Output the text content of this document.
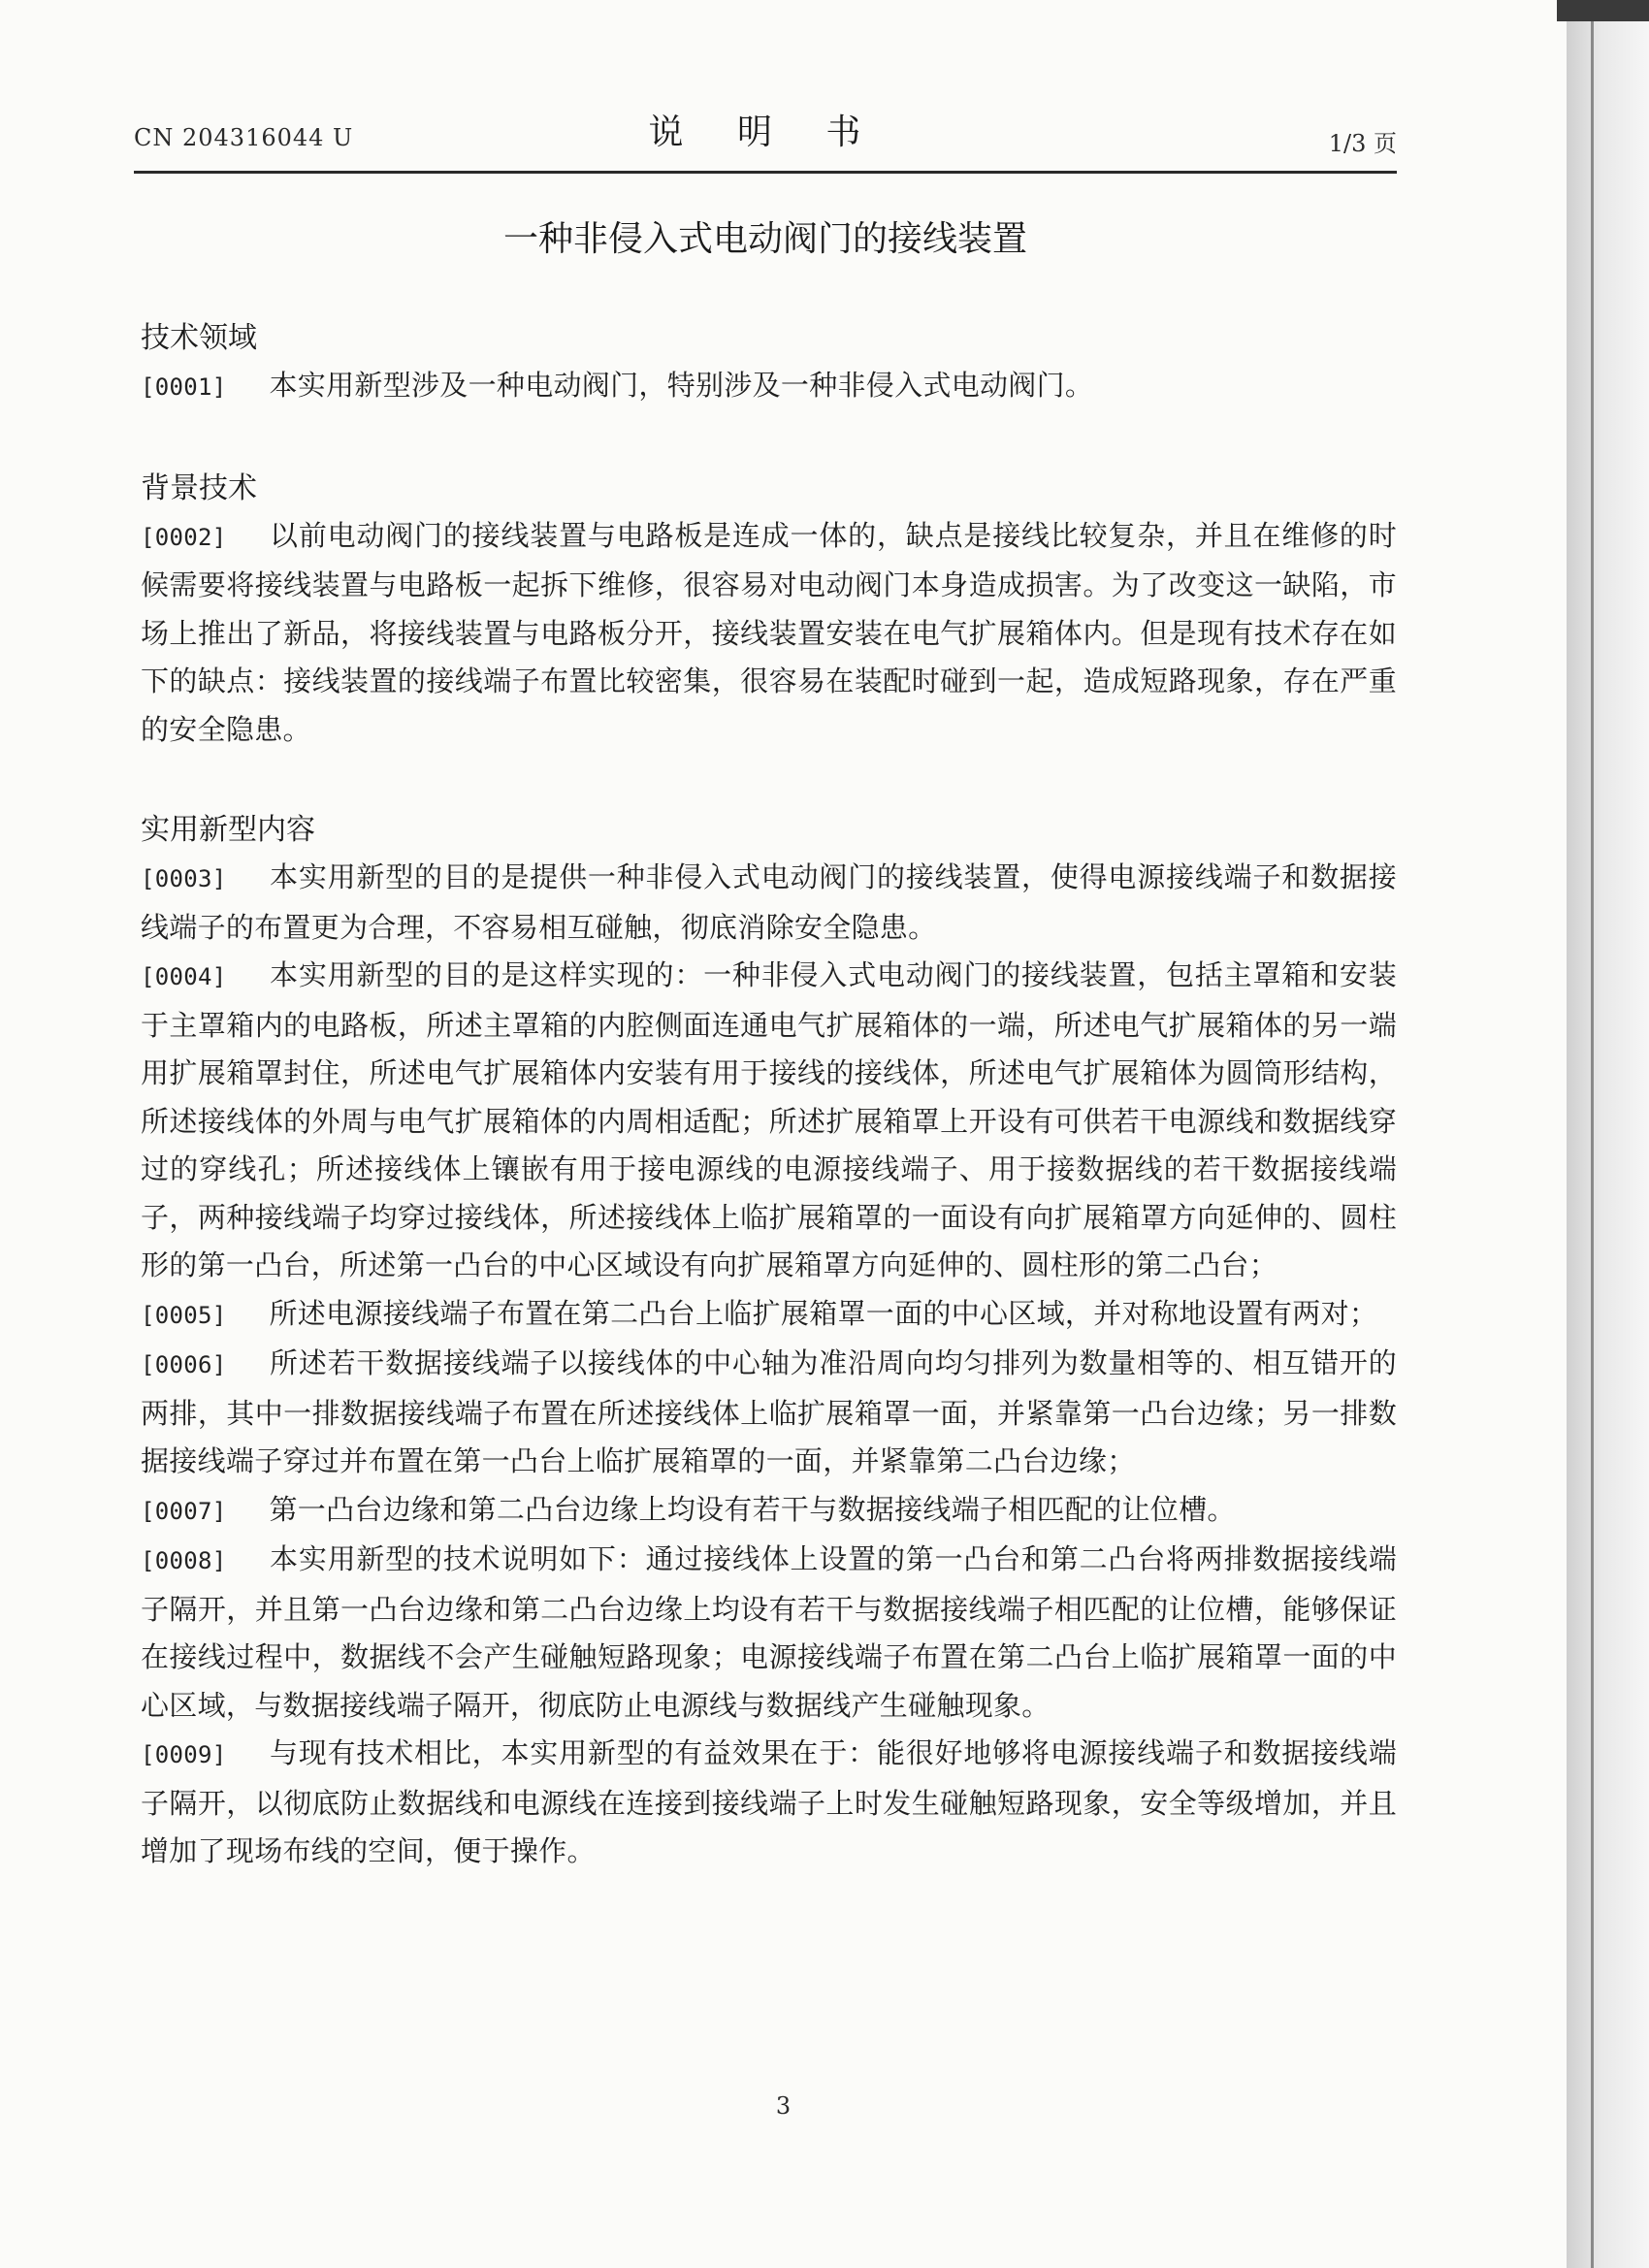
CN 204316044 U	说 明 书	1/3 页
一种非侵入式电动阀门的接线装置
技术领域
[0001] 本实用新型涉及一种电动阀门，特别涉及一种非侵入式电动阀门。
背景技术
[0002] 以前电动阀门的接线装置与电路板是连成一体的，缺点是接线比较复杂，并且在维修的时候需要将接线装置与电路板一起拆下维修，很容易对电动阀门本身造成损害。为了改变这一缺陷，市场上推出了新品，将接线装置与电路板分开，接线装置安装在电气扩展箱体内。但是现有技术存在如下的缺点：接线装置的接线端子布置比较密集，很容易在装配时碰到一起，造成短路现象，存在严重的安全隐患。
实用新型内容
[0003] 本实用新型的目的是提供一种非侵入式电动阀门的接线装置，使得电源接线端子和数据接线端子的布置更为合理，不容易相互碰触，彻底消除安全隐患。
[0004] 本实用新型的目的是这样实现的：一种非侵入式电动阀门的接线装置，包括主罩箱和安装于主罩箱内的电路板，所述主罩箱的内腔侧面连通电气扩展箱体的一端，所述电气扩展箱体的另一端用扩展箱罩封住，所述电气扩展箱体内安装有用于接线的接线体，所述电气扩展箱体为圆筒形结构，所述接线体的外周与电气扩展箱体的内周相适配；所述扩展箱罩上开设有可供若干电源线和数据线穿过的穿线孔；所述接线体上镶嵌有用于接电源线的电源接线端子、用于接数据线的若干数据接线端子，两种接线端子均穿过接线体，所述接线体上临扩展箱罩的一面设有向扩展箱罩方向延伸的、圆柱形的第一凸台，所述第一凸台的中心区域设有向扩展箱罩方向延伸的、圆柱形的第二凸台；
[0005] 所述电源接线端子布置在第二凸台上临扩展箱罩一面的中心区域，并对称地设置有两对；
[0006] 所述若干数据接线端子以接线体的中心轴为准沿周向均匀排列为数量相等的、相互错开的两排，其中一排数据接线端子布置在所述接线体上临扩展箱罩一面，并紧靠第一凸台边缘；另一排数据接线端子穿过并布置在第一凸台上临扩展箱罩的一面，并紧靠第二凸台边缘；
[0007] 第一凸台边缘和第二凸台边缘上均设有若干与数据接线端子相匹配的让位槽。
[0008] 本实用新型的技术说明如下：通过接线体上设置的第一凸台和第二凸台将两排数据接线端子隔开，并且第一凸台边缘和第二凸台边缘上均设有若干与数据接线端子相匹配的让位槽，能够保证在接线过程中，数据线不会产生碰触短路现象；电源接线端子布置在第二凸台上临扩展箱罩一面的中心区域，与数据接线端子隔开，彻底防止电源线与数据线产生碰触现象。
[0009] 与现有技术相比，本实用新型的有益效果在于：能很好地够将电源接线端子和数据接线端子隔开，以彻底防止数据线和电源线在连接到接线端子上时发生碰触短路现象，安全等级增加，并且增加了现场布线的空间，便于操作。
3
